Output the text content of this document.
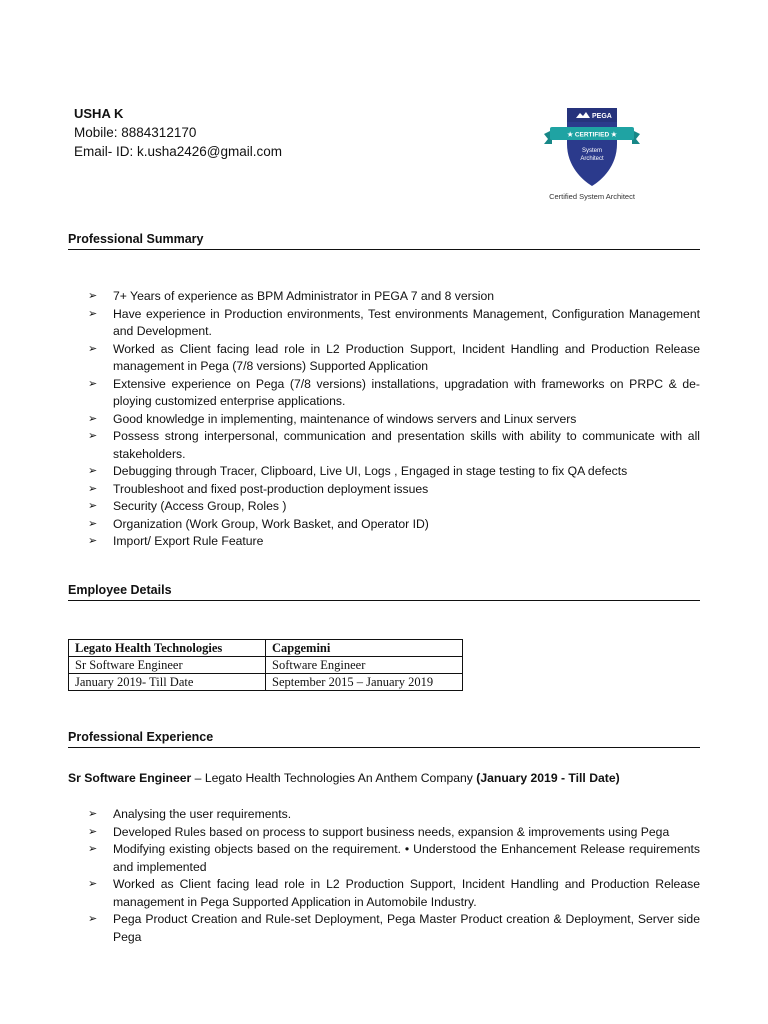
USHA K
Mobile: 8884312170
Email- ID: k.usha2426@gmail.com
PEGA
★ CERTIFIED ★
System
Architect
Certified System Architect
Professional Summary
➢ 7+ Years of experience as BPM Administrator in PEGA 7 and 8 version
➢ Have experience in Production environments, Test environments Management, Configuration Management and Development.
➢ Worked as Client facing lead role in L2 Production Support, Incident Handling and Production Release management in Pega (7/8 versions) Supported Application
➢ Extensive experience on Pega (7/8 versions) installations, upgradation with frameworks on PRPC & de-ploying customized enterprise applications.
➢ Good knowledge in implementing, maintenance of windows servers and Linux servers
➢ Possess strong interpersonal, communication and presentation skills with ability to communicate with all stakeholders.
➢ Debugging through Tracer, Clipboard, Live UI, Logs , Engaged in stage testing to fix QA defects
➢ Troubleshoot and fixed post-production deployment issues
➢ Security (Access Group, Roles )
➢ Organization (Work Group, Work Basket, and Operator ID)
➢ Import/ Export Rule Feature
Employee Details
Legato Health Technologies	Capgemini
Sr Software Engineer	Software Engineer
January 2019- Till Date	September 2015 – January 2019
Professional Experience
Sr Software Engineer – Legato Health Technologies An Anthem Company (January 2019 - Till Date)
➢ Analysing the user requirements.
➢ Developed Rules based on process to support business needs, expansion & improvements using Pega
➢ Modifying existing objects based on the requirement. • Understood the Enhancement Release requirements and implemented
➢ Worked as Client facing lead role in L2 Production Support, Incident Handling and Production Release management in Pega Supported Application in Automobile Industry.
➢ Pega Product Creation and Rule-set Deployment, Pega Master Product creation & Deployment, Server side Pega
